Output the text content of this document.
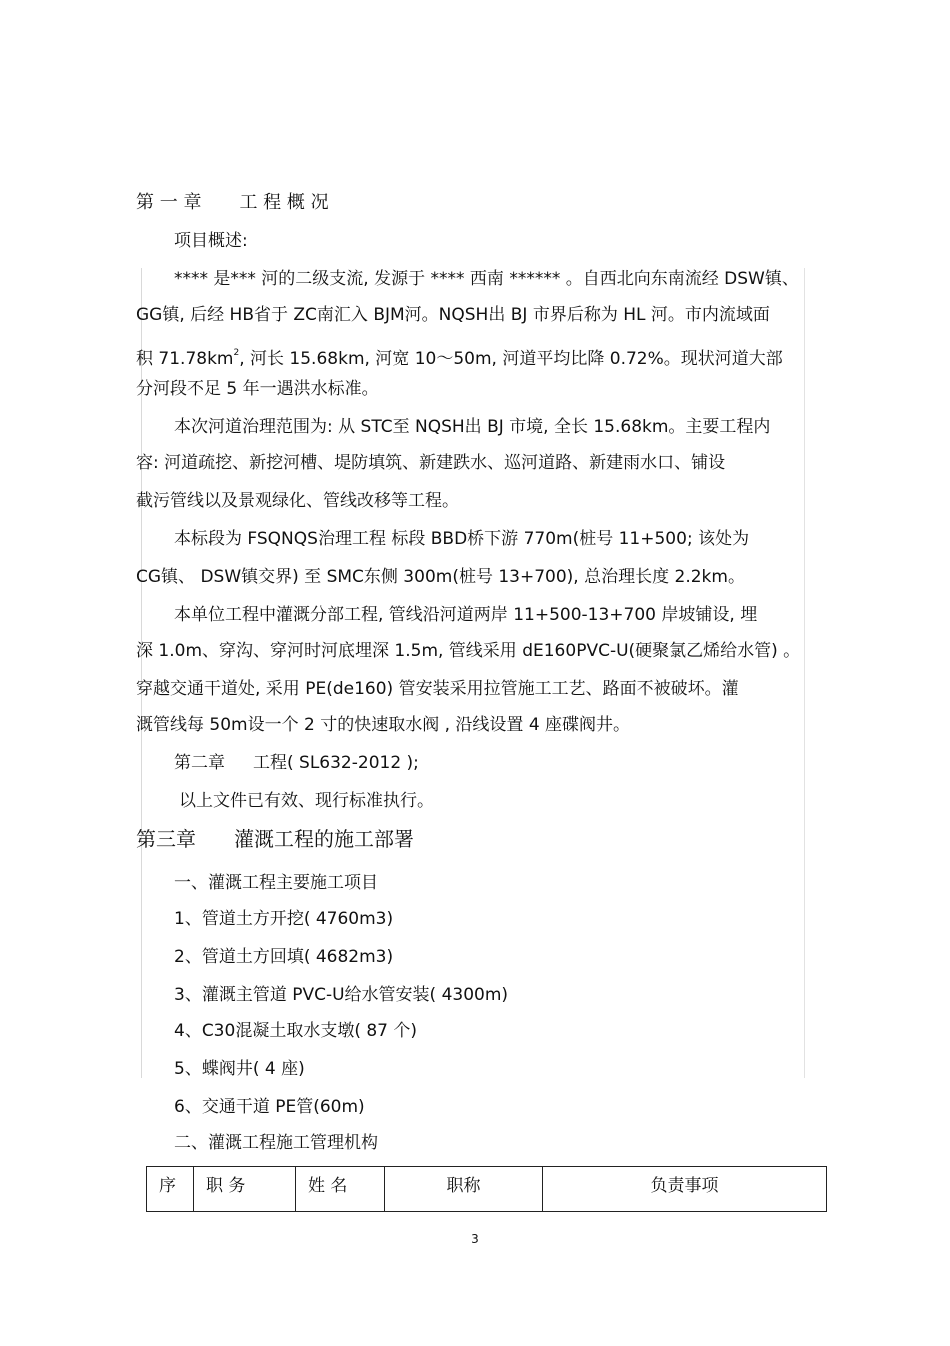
第 一 章 工 程 概 况
项目概述:
**** 是*** 河的二级支流, 发源于 **** 西南 ****** 。自西北向东南流经 DSW镇、
GG镇, 后经 HB省于 ZC南汇入 BJM河。NQSH出 BJ 市界后称为 HL 河。市内流域面
积 $71.78km^2$, 河长 15.68km, 河宽 10～50m, 河道平均比降 0.72%。现状河道大部
分河段不足 5 年一遇洪水标准。
本次河道治理范围为: 从 STC至 NQSH出 BJ 市境, 全长 15.68km。主要工程内
容: 河道疏挖、新挖河槽、堤防填筑、新建跌水、巡河道路、新建雨水口、铺设
截污管线以及景观绿化、管线改移等工程。
本标段为 FSQNQS治理工程 标段 BBD桥下游 770m(桩号 11+500; 该处为
CG镇、 DSW镇交界) 至 SMC东侧 300m(桩号 13+700), 总治理长度 2.2km。
本单位工程中灌溉分部工程, 管线沿河道两岸 11+500-13+700 岸坡铺设, 埋
深 1.0m、穿沟、穿河时河底埋深 1.5m, 管线采用 dE160PVC-U(硬聚氯乙烯给水管) 。
穿越交通干道处, 采用 PE(de160) 管安装采用拉管施工工艺、路面不被破坏。灌
溉管线每 50m设一个 2 寸的快速取水阀 , 沿线设置 4 座碟阀井。
第二章 工程( SL632-2012 );
以上文件已有效、现行标准执行。
第三章 灌溉工程的施工部署
一、灌溉工程主要施工项目
1、管道土方开挖( 4760m3)
2、管道土方回填( 4682m3)
3、灌溉主管道 PVC-U给水管安装( 4300m)
4、C30混凝土取水支墩( 87 个)
5、蝶阀井( 4 座)
6、交通干道 PE管(60m)
二、灌溉工程施工管理机构
序	职 务	姓 名	职称	负责事项
3
